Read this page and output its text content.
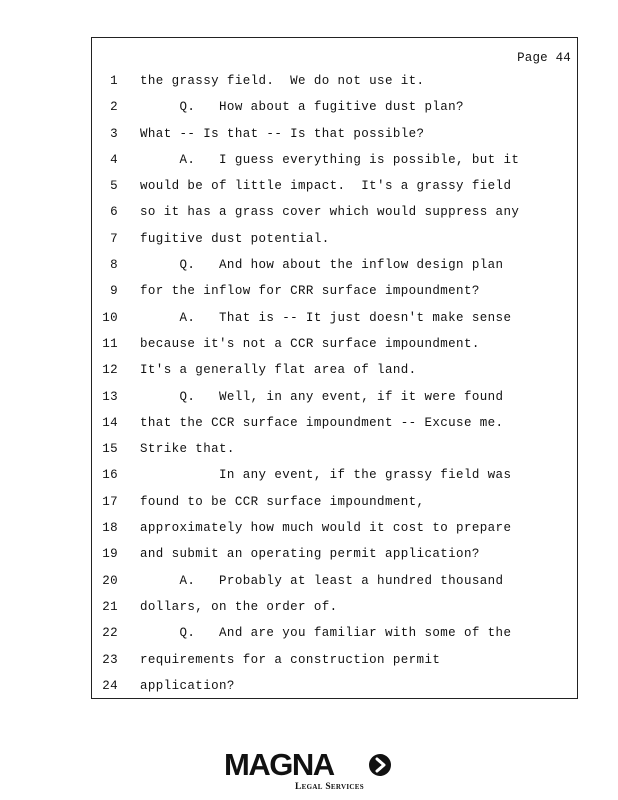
Page 44
1 the grassy field.  We do not use it.
2 Q.   How about a fugitive dust plan?
3 What -- Is that -- Is that possible?
4 A.   I guess everything is possible, but it
5 would be of little impact.  It's a grassy field
6 so it has a grass cover which would suppress any
7 fugitive dust potential.
8 Q.   And how about the inflow design plan
9 for the inflow for CRR surface impoundment?
10 A.   That is -- It just doesn't make sense
11 because it's not a CCR surface impoundment.
12 It's a generally flat area of land.
13 Q.   Well, in any event, if it were found
14 that the CCR surface impoundment -- Excuse me.
15 Strike that.
16 In any event, if the grassy field was
17 found to be CCR surface impoundment,
18 approximately how much would it cost to prepare
19 and submit an operating permit application?
20 A.   Probably at least a hundred thousand
21 dollars, on the order of.
22 Q.   And are you familiar with some of the
23 requirements for a construction permit
24 application?
MAGNA
Legal Services
